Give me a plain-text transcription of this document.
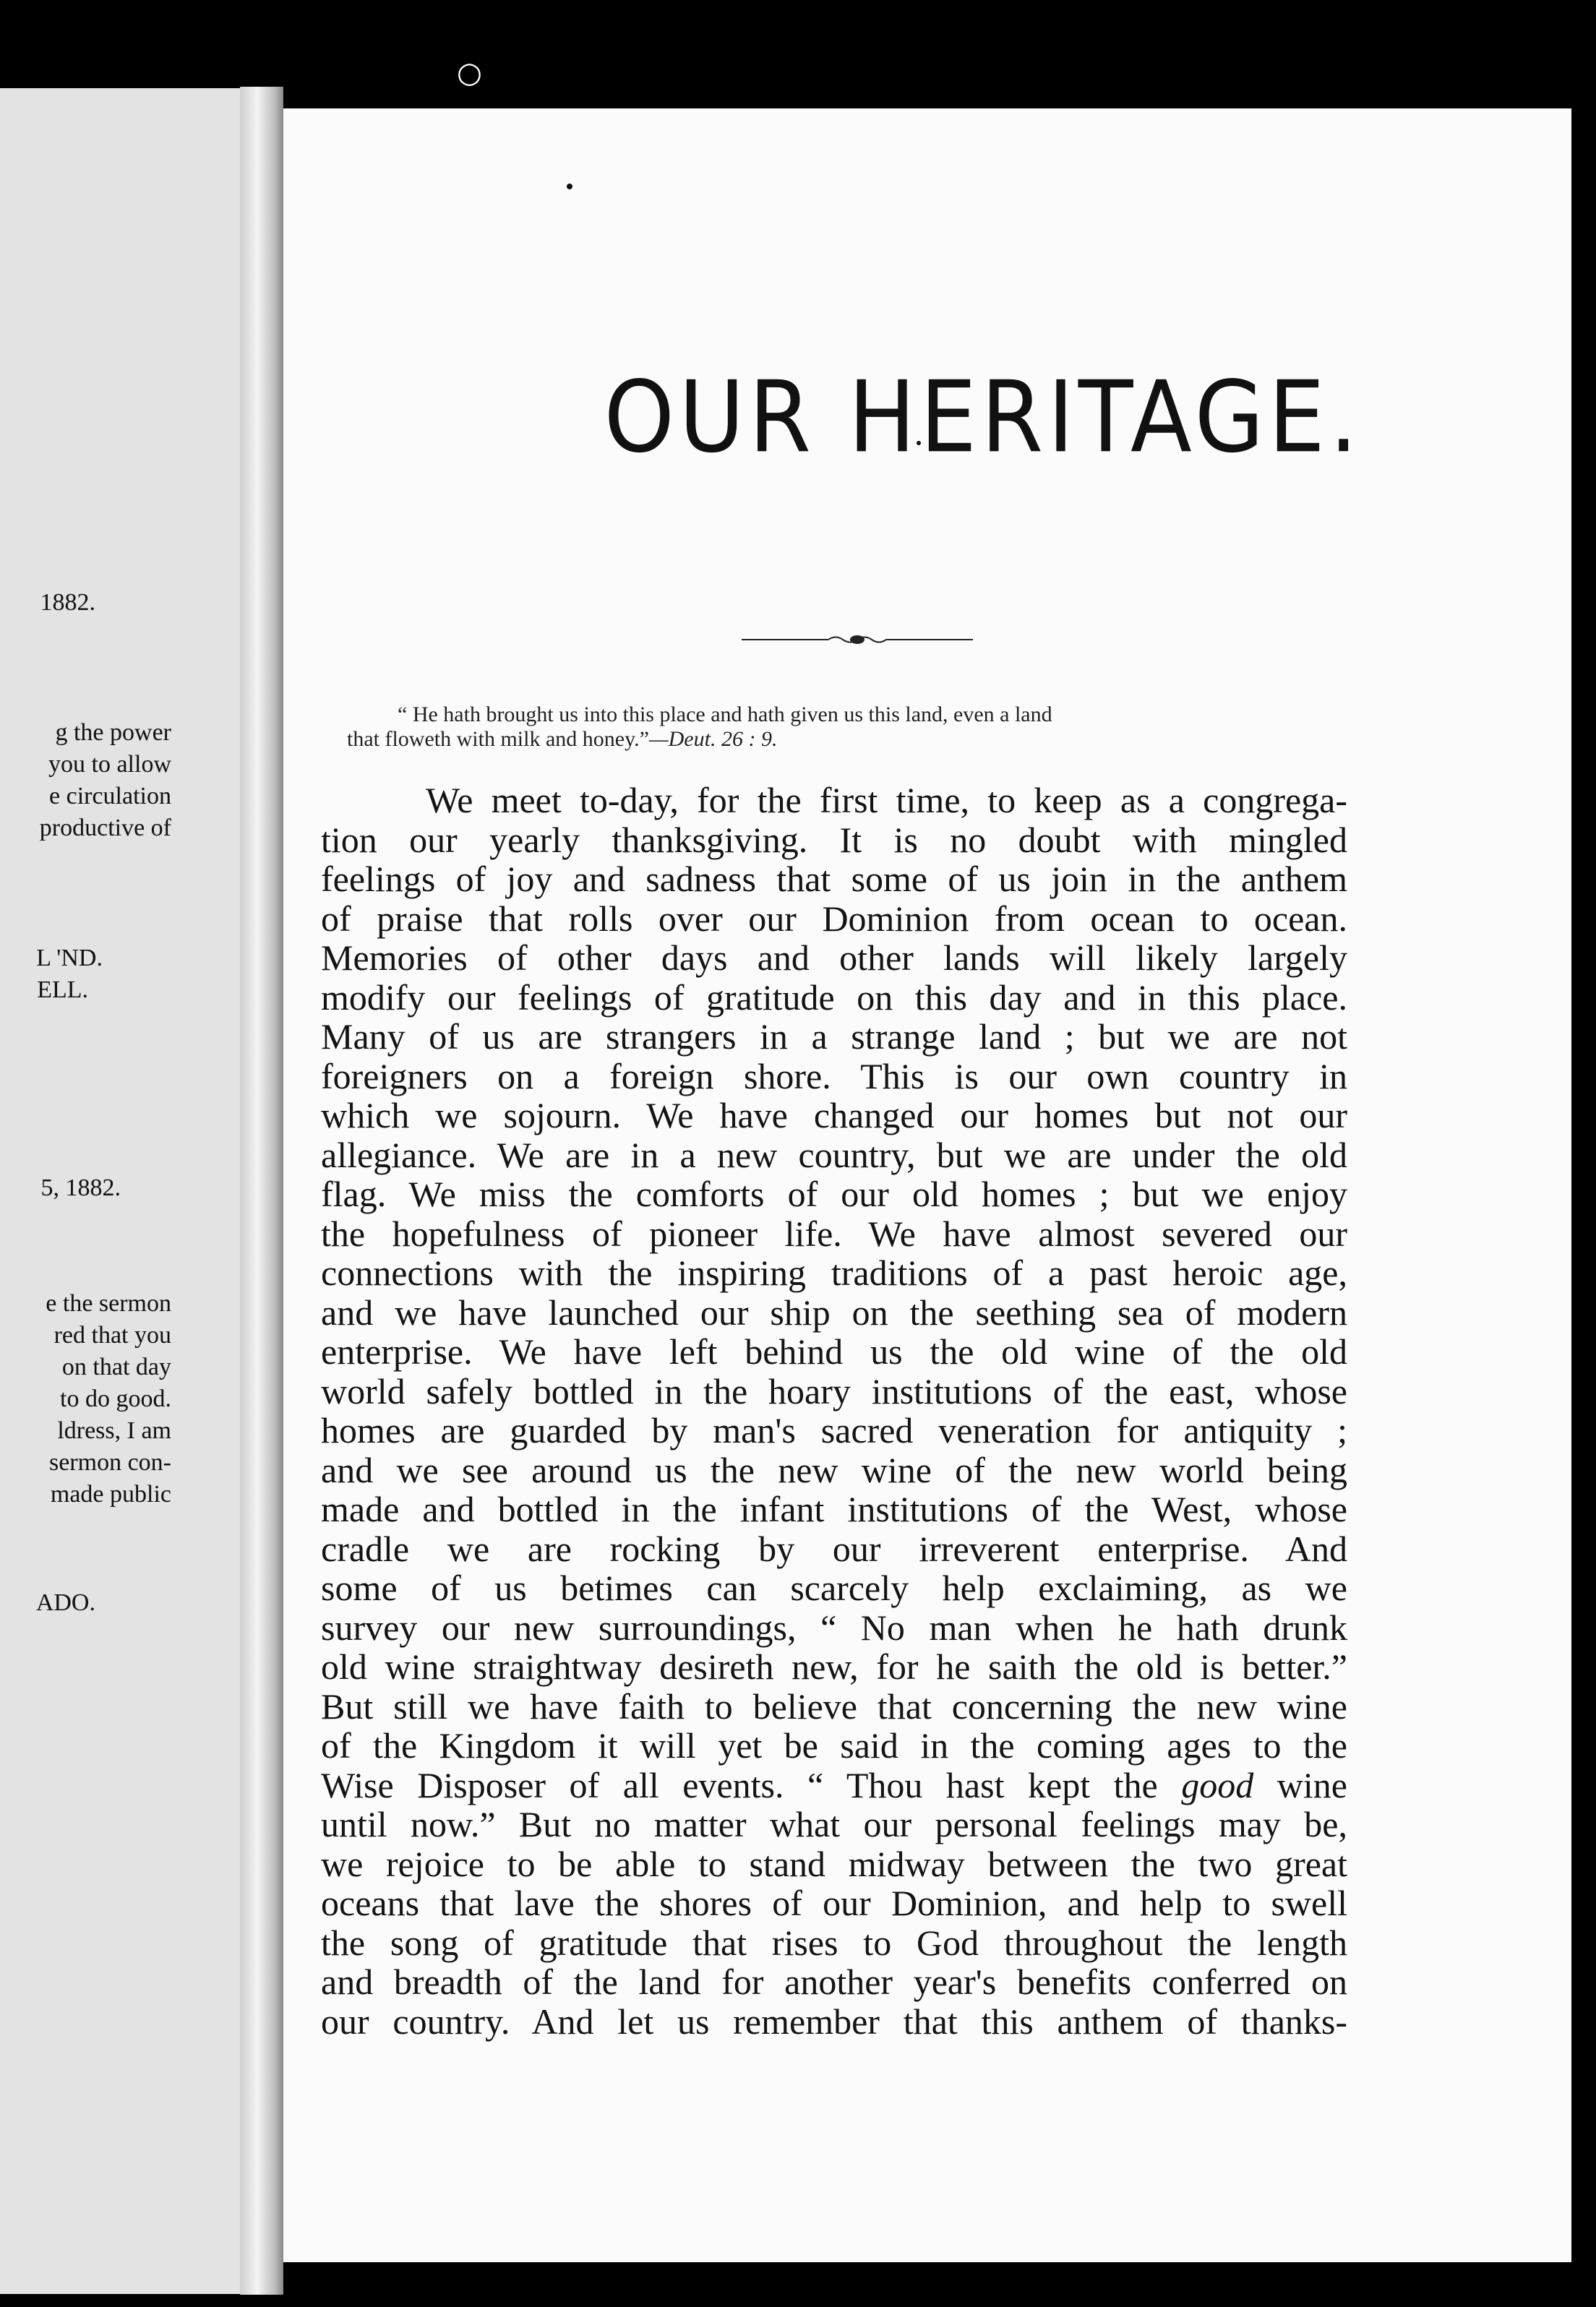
○
1882.
g the power
you to allow
e circulation
productive of
L 'ND.
ELL.
5, 1882.
e the sermon
red that you
on that day
to do good.
ldress, I am
sermon con-
made public
ADO.
OUR HERITAGE.
“ He hath brought us into this place and hath given us this land, even a land
that floweth with milk and honey.”—Deut. 26 : 9.
We meet to-day, for the first time, to keep as a congrega-
tion our yearly thanksgiving. It is no doubt with mingled
feelings of joy and sadness that some of us join in the anthem
of praise that rolls over our Dominion from ocean to ocean.
Memories of other days and other lands will likely largely
modify our feelings of gratitude on this day and in this place.
Many of us are strangers in a strange land ; but we are not
foreigners on a foreign shore. This is our own country in
which we sojourn. We have changed our homes but not our
allegiance. We are in a new country, but we are under the old
flag. We miss the comforts of our old homes ; but we enjoy
the hopefulness of pioneer life. We have almost severed our
connections with the inspiring traditions of a past heroic age,
and we have launched our ship on the seething sea of modern
enterprise. We have left behind us the old wine of the old
world safely bottled in the hoary institutions of the east, whose
homes are guarded by man's sacred veneration for antiquity ;
and we see around us the new wine of the new world being
made and bottled in the infant institutions of the West, whose
cradle we are rocking by our irreverent enterprise. And
some of us betimes can scarcely help exclaiming, as we
survey our new surroundings, “ No man when he hath drunk
old wine straightway desireth new, for he saith the old is better.”
But still we have faith to believe that concerning the new wine
of the Kingdom it will yet be said in the coming ages to the
Wise Disposer of all events. “ Thou hast kept the good wine
until now.” But no matter what our personal feelings may be,
we rejoice to be able to stand midway between the two great
oceans that lave the shores of our Dominion, and help to swell
the song of gratitude that rises to God throughout the length
and breadth of the land for another year's benefits conferred on
our country. And let us remember that this anthem of thanks-
